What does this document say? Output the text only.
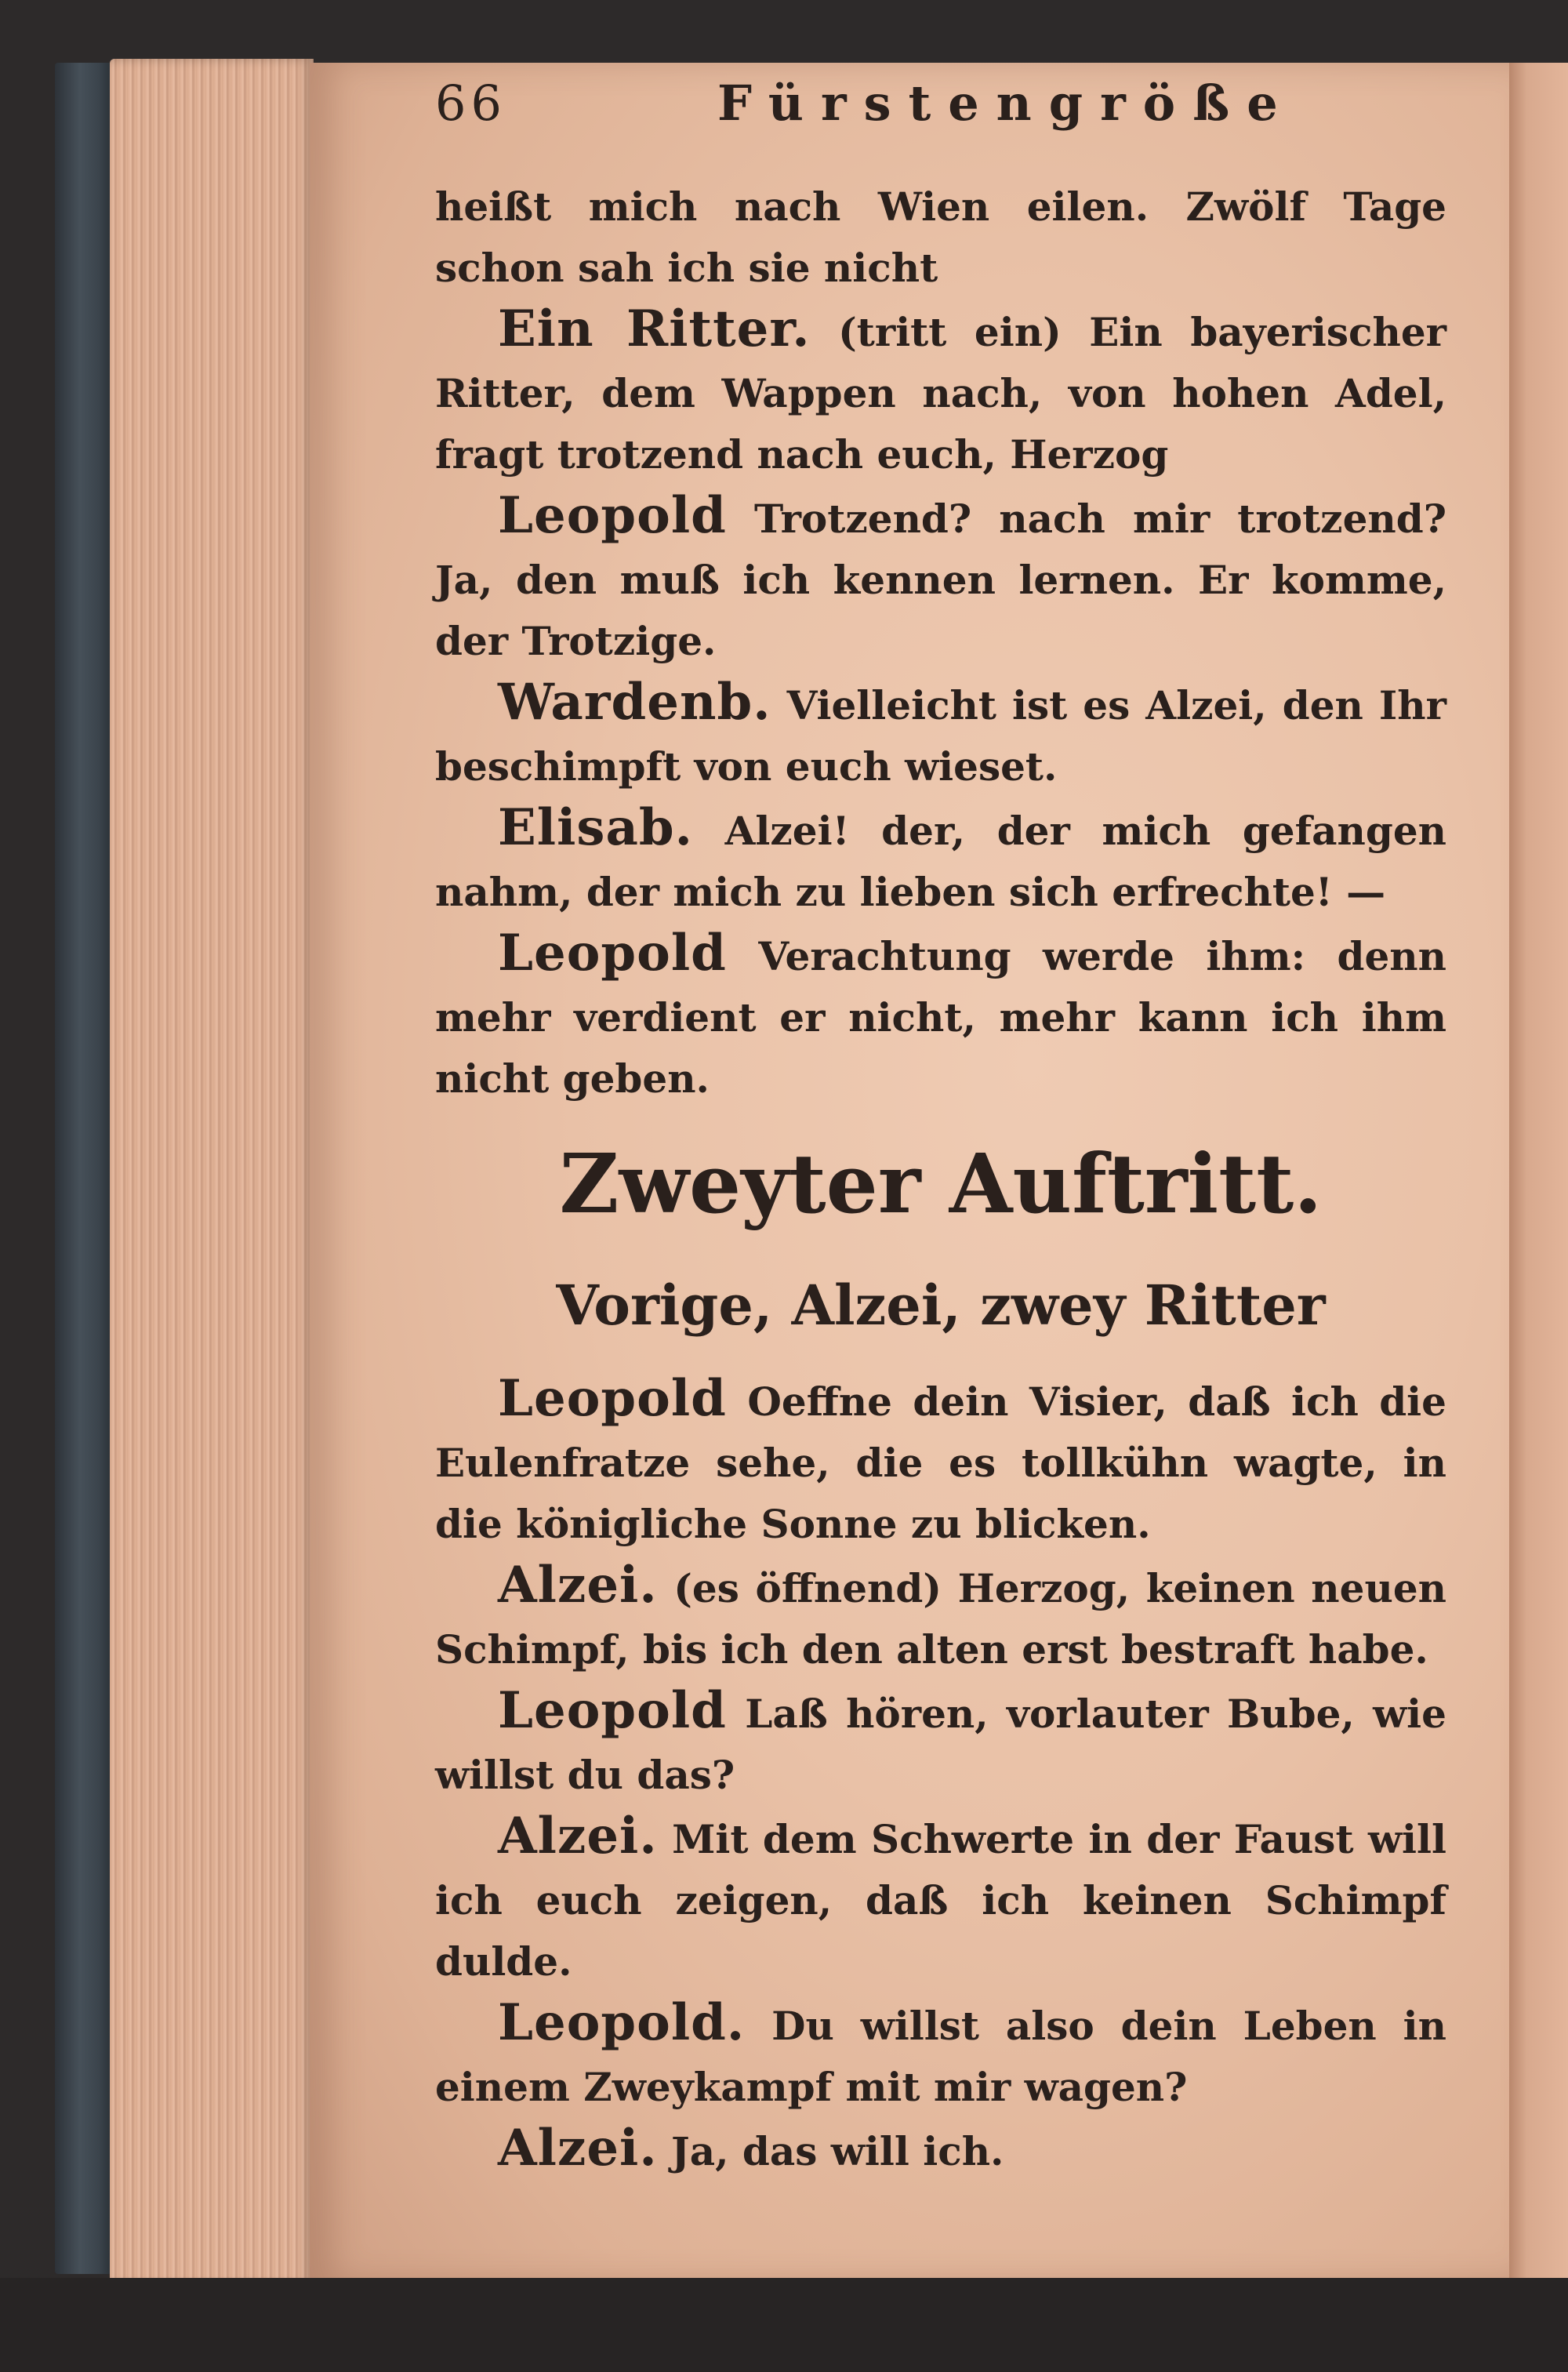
66	Fürstengröße

heißt mich nach Wien eilen. Zwölf Tage schon sah ich sie nicht

Ein Ritter. (tritt ein) Ein bayerischer Ritter, dem Wappen nach, von hohen Adel, fragt trotzend nach euch, Herzog

Leopold Trotzend? nach mir trotzend? Ja, den muß ich kennen lernen. Er komme, der Trotzige.

Wardenb. Vielleicht ist es Alzei, den Ihr beschimpft von euch wieset.

Elisab. Alzei! der, der mich gefangen nahm, der mich zu lieben sich erfrechte! —

Leopold Verachtung werde ihm: denn mehr verdient er nicht, mehr kann ich ihm nicht geben.

Zweyter Auftritt.
Vorige, Alzei, zwey Ritter

Leopold Oeffne dein Visier, daß ich die Eulenfratze sehe, die es tollkühn wagte, in die königliche Sonne zu blicken.

Alzei. (es öffnend) Herzog, keinen neuen Schimpf, bis ich den alten erst bestraft habe.

Leopold Laß hören, vorlauter Bube, wie willst du das?

Alzei. Mit dem Schwerte in der Faust will ich euch zeigen, daß ich keinen Schimpf dulde.

Leopold. Du willst also dein Leben in einem Zweykampf mit mir wagen?

Alzei. Ja, das will ich.
